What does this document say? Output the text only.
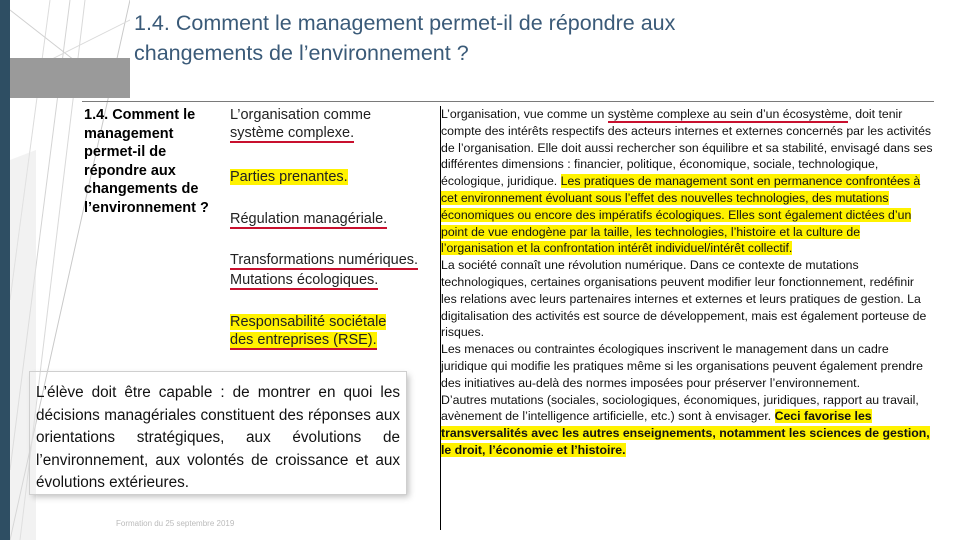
1.4. Comment le management permet-il de répondre aux
changements de l’environnement ?
1.4. Comment le
management
permet-il de
répondre aux
changements de
l’environnement ?
L’organisation comme
système complexe.
Parties prenantes.
Régulation managériale.
Transformations numériques.
Mutations écologiques.
Responsabilité sociétale
des entreprises (RSE).
L’organisation, vue comme un système complexe au sein d’un écosystème, doit tenir compte des intérêts respectifs des acteurs internes et externes concernés par les activités de l’organisation. Elle doit aussi rechercher son équilibre et sa stabilité, envisagé dans ses différentes dimensions : financier, politique, économique, sociale, technologique, écologique, juridique. Les pratiques de management sont en permanence confrontées à cet environnement évoluant sous l’effet des nouvelles technologies, des mutations économiques ou encore des impératifs écologiques. Elles sont également dictées d’un point de vue endogène par la taille, les technologies, l’histoire et la culture de l’organisation et la confrontation intérêt individuel/intérêt collectif.
La société connaît une révolution numérique. Dans ce contexte de mutations technologiques, certaines organisations peuvent modifier leur fonctionnement, redéfinir les relations avec leurs partenaires internes et externes et leurs pratiques de gestion. La digitalisation des activités est source de développement, mais est également porteuse de risques.
Les menaces ou contraintes écologiques inscrivent le management dans un cadre juridique qui modifie les pratiques même si les organisations peuvent également prendre des initiatives au-delà des normes imposées pour préserver l’environnement.
D’autres mutations (sociales, sociologiques, économiques, juridiques, rapport au travail, avènement de l’intelligence artificielle, etc.) sont à envisager. Ceci favorise les transversalités avec les autres enseignements, notamment les sciences de gestion, le droit, l’économie et l’histoire.
L’élève doit être capable : de montrer en quoi les décisions managériales constituent des réponses aux orientations stratégiques, aux évolutions de l’environnement, aux volontés de croissance et aux évolutions extérieures.
Formation du 25 septembre 2019
